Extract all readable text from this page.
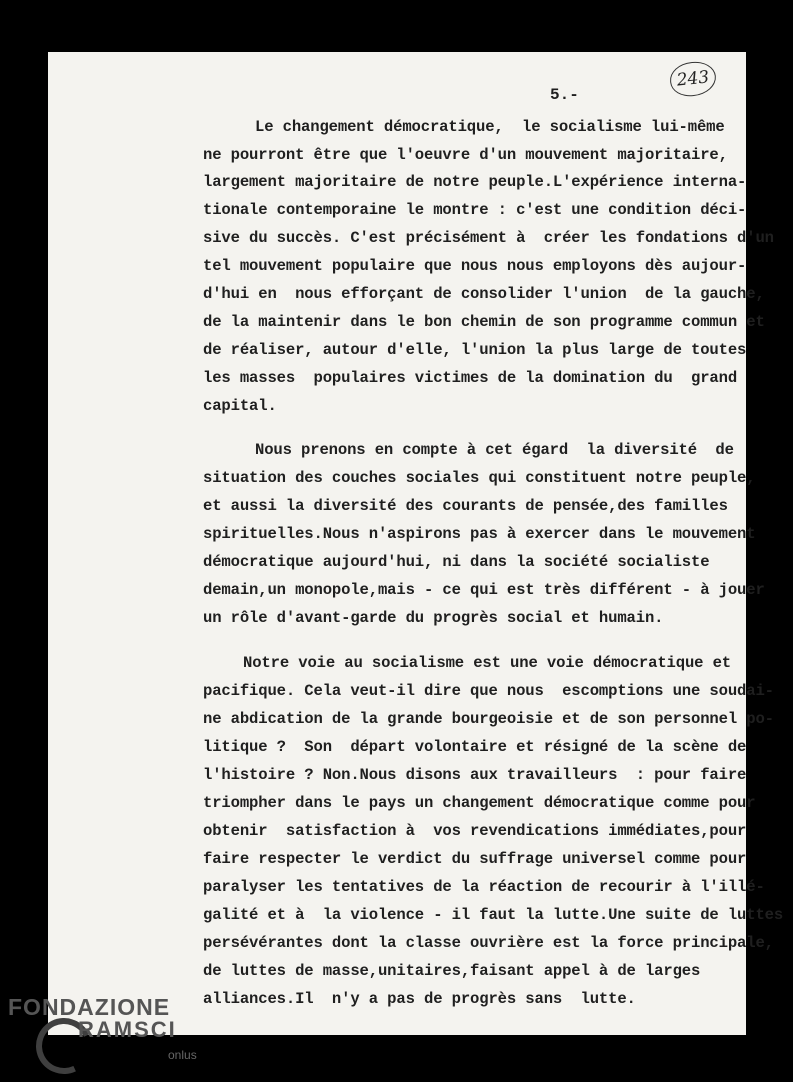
243
5.-
Le changement démocratique,  le socialisme lui-même
ne pourront être que l'oeuvre d'un mouvement majoritaire,
largement majoritaire de notre peuple.L'expérience interna-
tionale contemporaine le montre : c'est une condition déci-
sive du succès. C'est précisément à  créer les fondations d'un
tel mouvement populaire que nous nous employons dès aujour-
d'hui en  nous efforçant de consolider l'union  de la gauche,
de la maintenir dans le bon chemin de son programme commun et
de réaliser, autour d'elle, l'union la plus large de toutes
les masses  populaires victimes de la domination du  grand
capital.
Nous prenons en compte à cet égard  la diversité  de
situation des couches sociales qui constituent notre peuple,
et aussi la diversité des courants de pensée,des familles
spirituelles.Nous n'aspirons pas à exercer dans le mouvement
démocratique aujourd'hui, ni dans la société socialiste
demain,un monopole,mais - ce qui est très différent - à jouer
un rôle d'avant-garde du progrès social et humain.
Notre voie au socialisme est une voie démocratique et
pacifique. Cela veut-il dire que nous  escomptions une soudai-
ne abdication de la grande bourgeoisie et de son personnel po-
litique ?  Son  départ volontaire et résigné de la scène de
l'histoire ? Non.Nous disons aux travailleurs  : pour faire
triompher dans le pays un changement démocratique comme pour
obtenir  satisfaction à  vos revendications immédiates,pour
faire respecter le verdict du suffrage universel comme pour
paralyser les tentatives de la réaction de recourir à l'illé-
galité et à  la violence - il faut la lutte.Une suite de luttes
persévérantes dont la classe ouvrière est la force principale,
de luttes de masse,unitaires,faisant appel à de larges
alliances.Il  n'y a pas de progrès sans  lutte.
FONDAZIONE
RAMSCI
onlus
